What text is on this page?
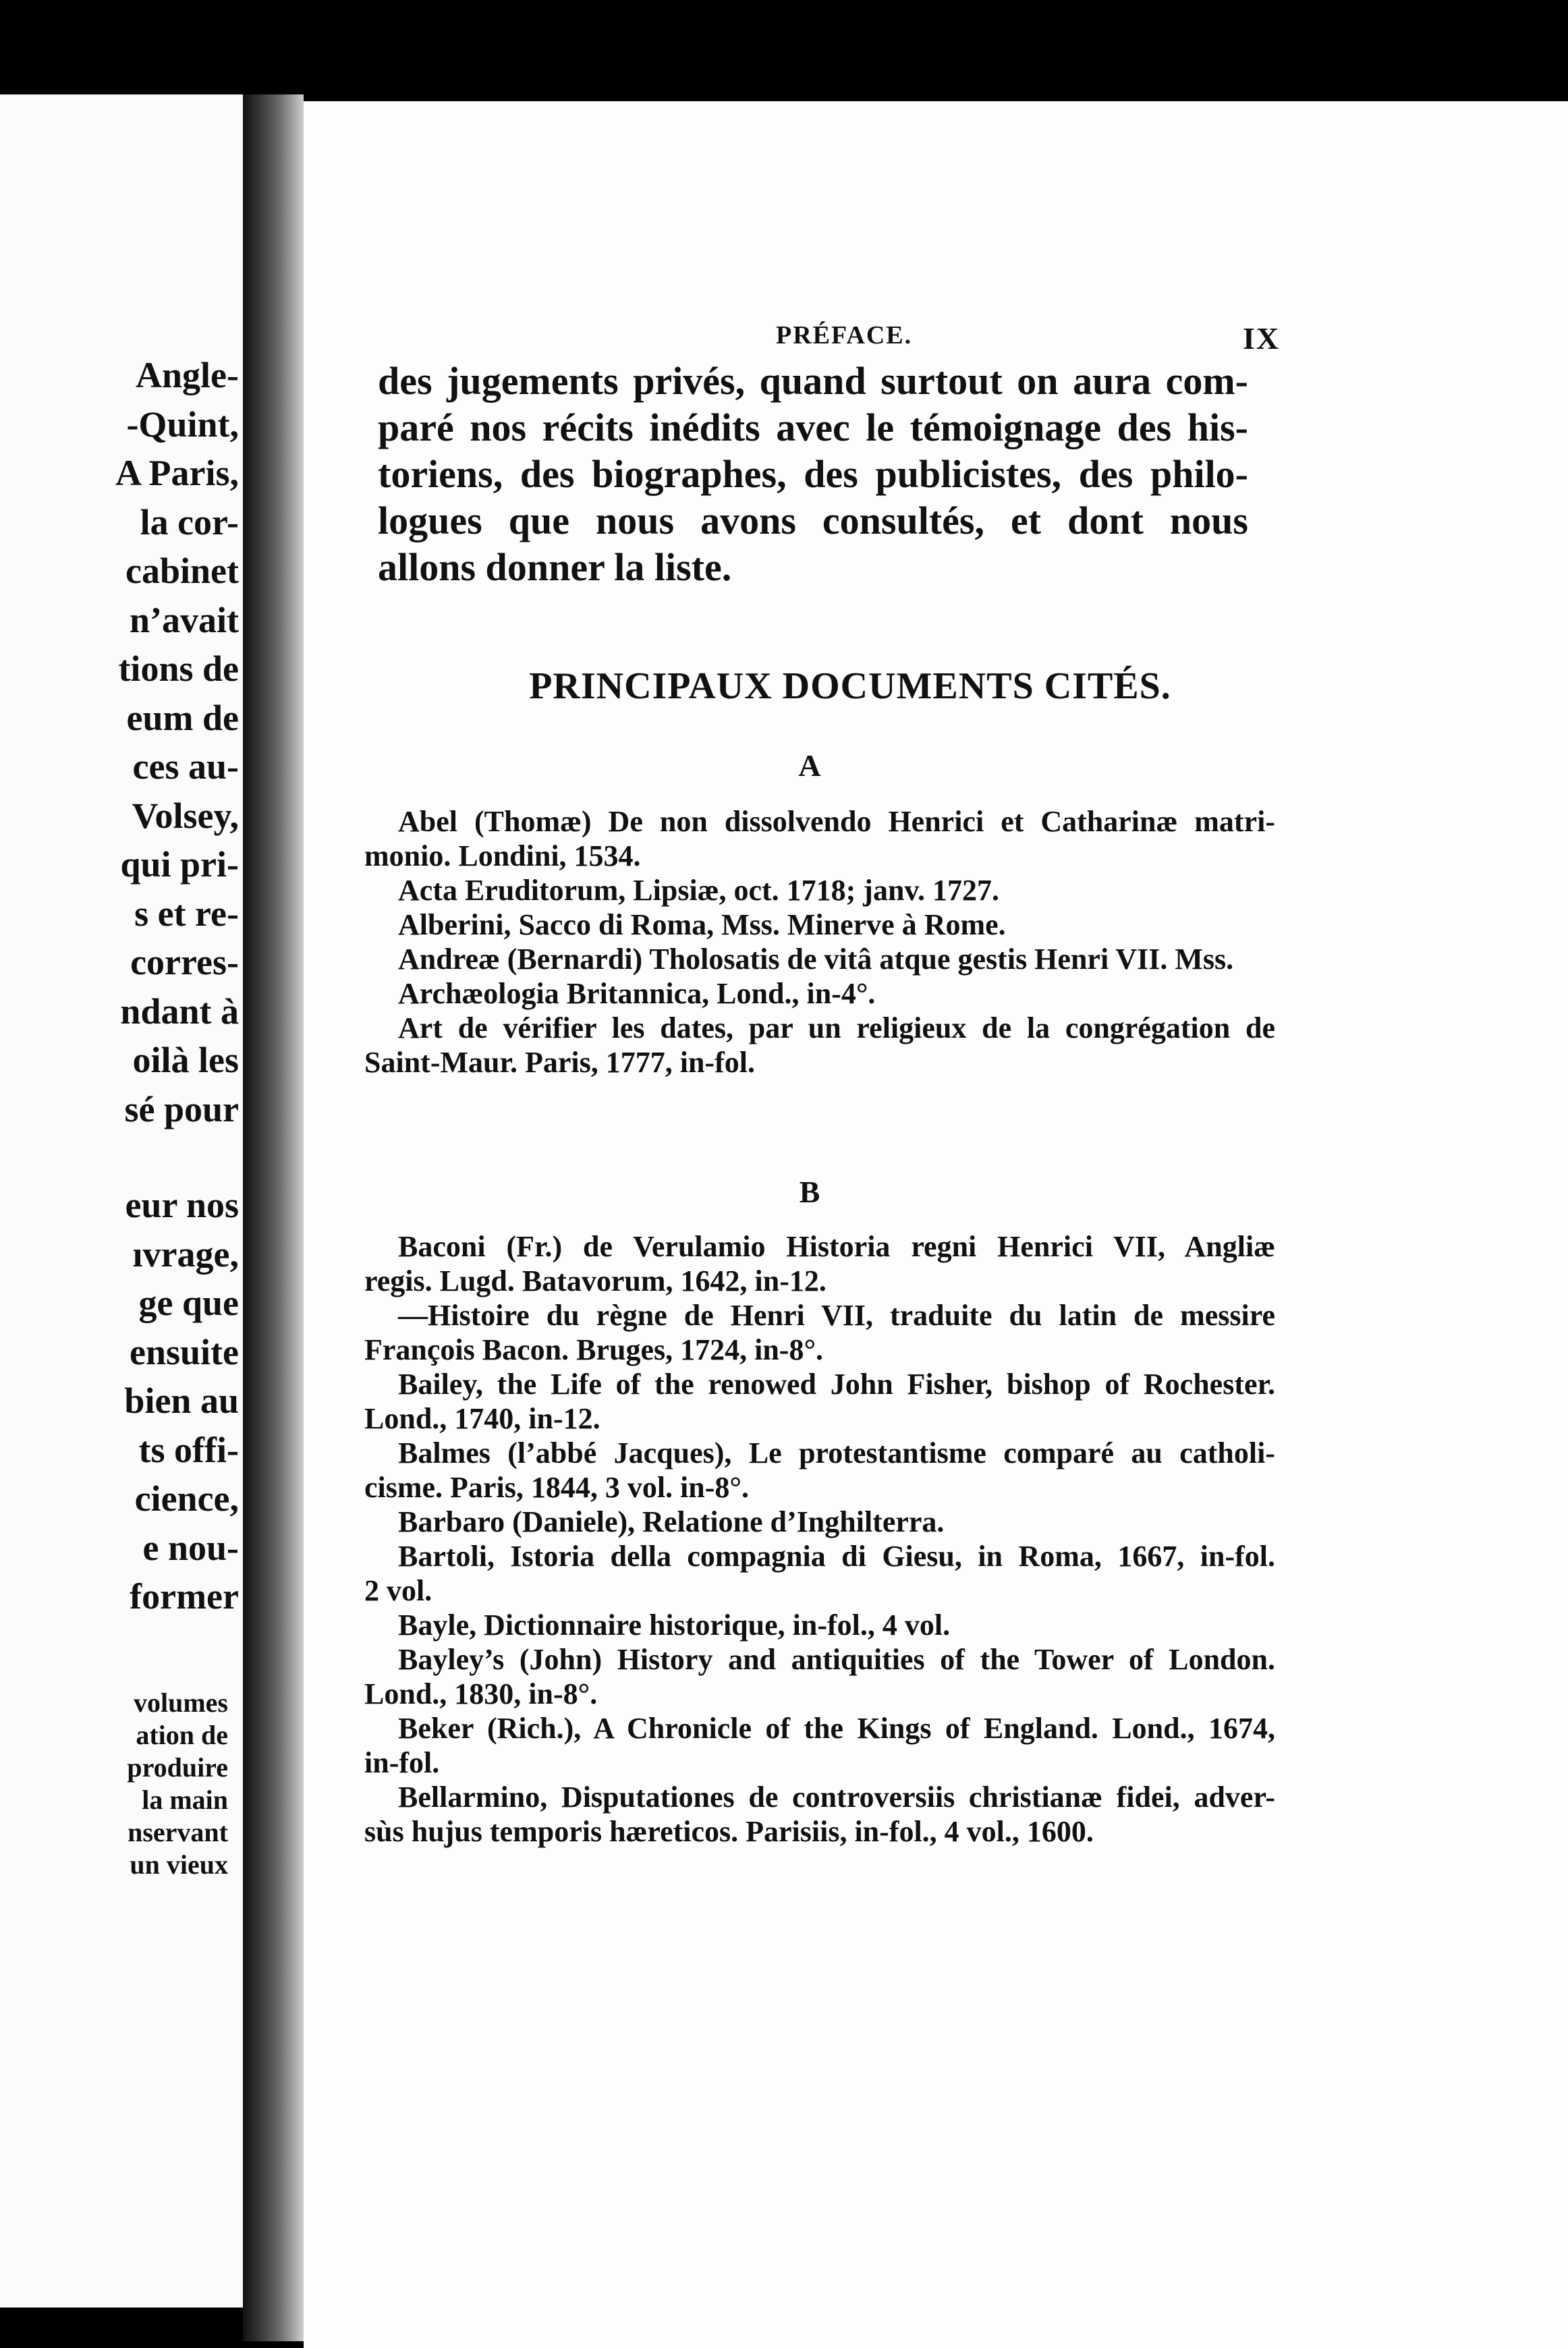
Angle-
-Quint,
A Paris,
la cor-
cabinet
n’avait
tions de
eum de
ces au-
Volsey,
qui pri-
s et re-
corres-
ndant à
oilà les
sé pour
eur nos
ıvrage,
ge que
ensuite
bien au
ts offi-
cience,
e nou-
former
volumes
ation de
produire
la main
nservant
un vieux
PRÉFACE.	IX
des jugements privés, quand surtout on aura com-
paré nos récits inédits avec le témoignage des his-
toriens, des biographes, des publicistes, des philo-
logues que nous avons consultés, et dont nous
allons donner la liste.
PRINCIPAUX DOCUMENTS CITÉS.
A
Abel (Thomæ) De non dissolvendo Henrici et Catharinæ matri-
monio. Londini, 1534.
Acta Eruditorum, Lipsiæ, oct. 1718; janv. 1727.
Alberini, Sacco di Roma, Mss. Minerve à Rome.
Andreæ (Bernardi) Tholosatis de vitâ atque gestis Henri VII. Mss.
Archæologia Britannica, Lond., in-4°.
Art de vérifier les dates, par un religieux de la congrégation de
Saint-Maur. Paris, 1777, in-fol.
B
Baconi (Fr.) de Verulamio Historia regni Henrici VII, Angliæ
regis. Lugd. Batavorum, 1642, in-12.
—Histoire du règne de Henri VII, traduite du latin de messire
François Bacon. Bruges, 1724, in-8°.
Bailey, the Life of the renowed John Fisher, bishop of Rochester.
Lond., 1740, in-12.
Balmes (l’abbé Jacques), Le protestantisme comparé au catholi-
cisme. Paris, 1844, 3 vol. in-8°.
Barbaro (Daniele), Relatione d’Inghilterra.
Bartoli, Istoria della compagnia di Giesu, in Roma, 1667, in-fol.
2 vol.
Bayle, Dictionnaire historique, in-fol., 4 vol.
Bayley’s (John) History and antiquities of the Tower of London.
Lond., 1830, in-8°.
Beker (Rich.), A Chronicle of the Kings of England. Lond., 1674,
in-fol.
Bellarmino, Disputationes de controversiis christianæ fidei, adver-
sùs hujus temporis hæreticos. Parisiis, in-fol., 4 vol., 1600.
